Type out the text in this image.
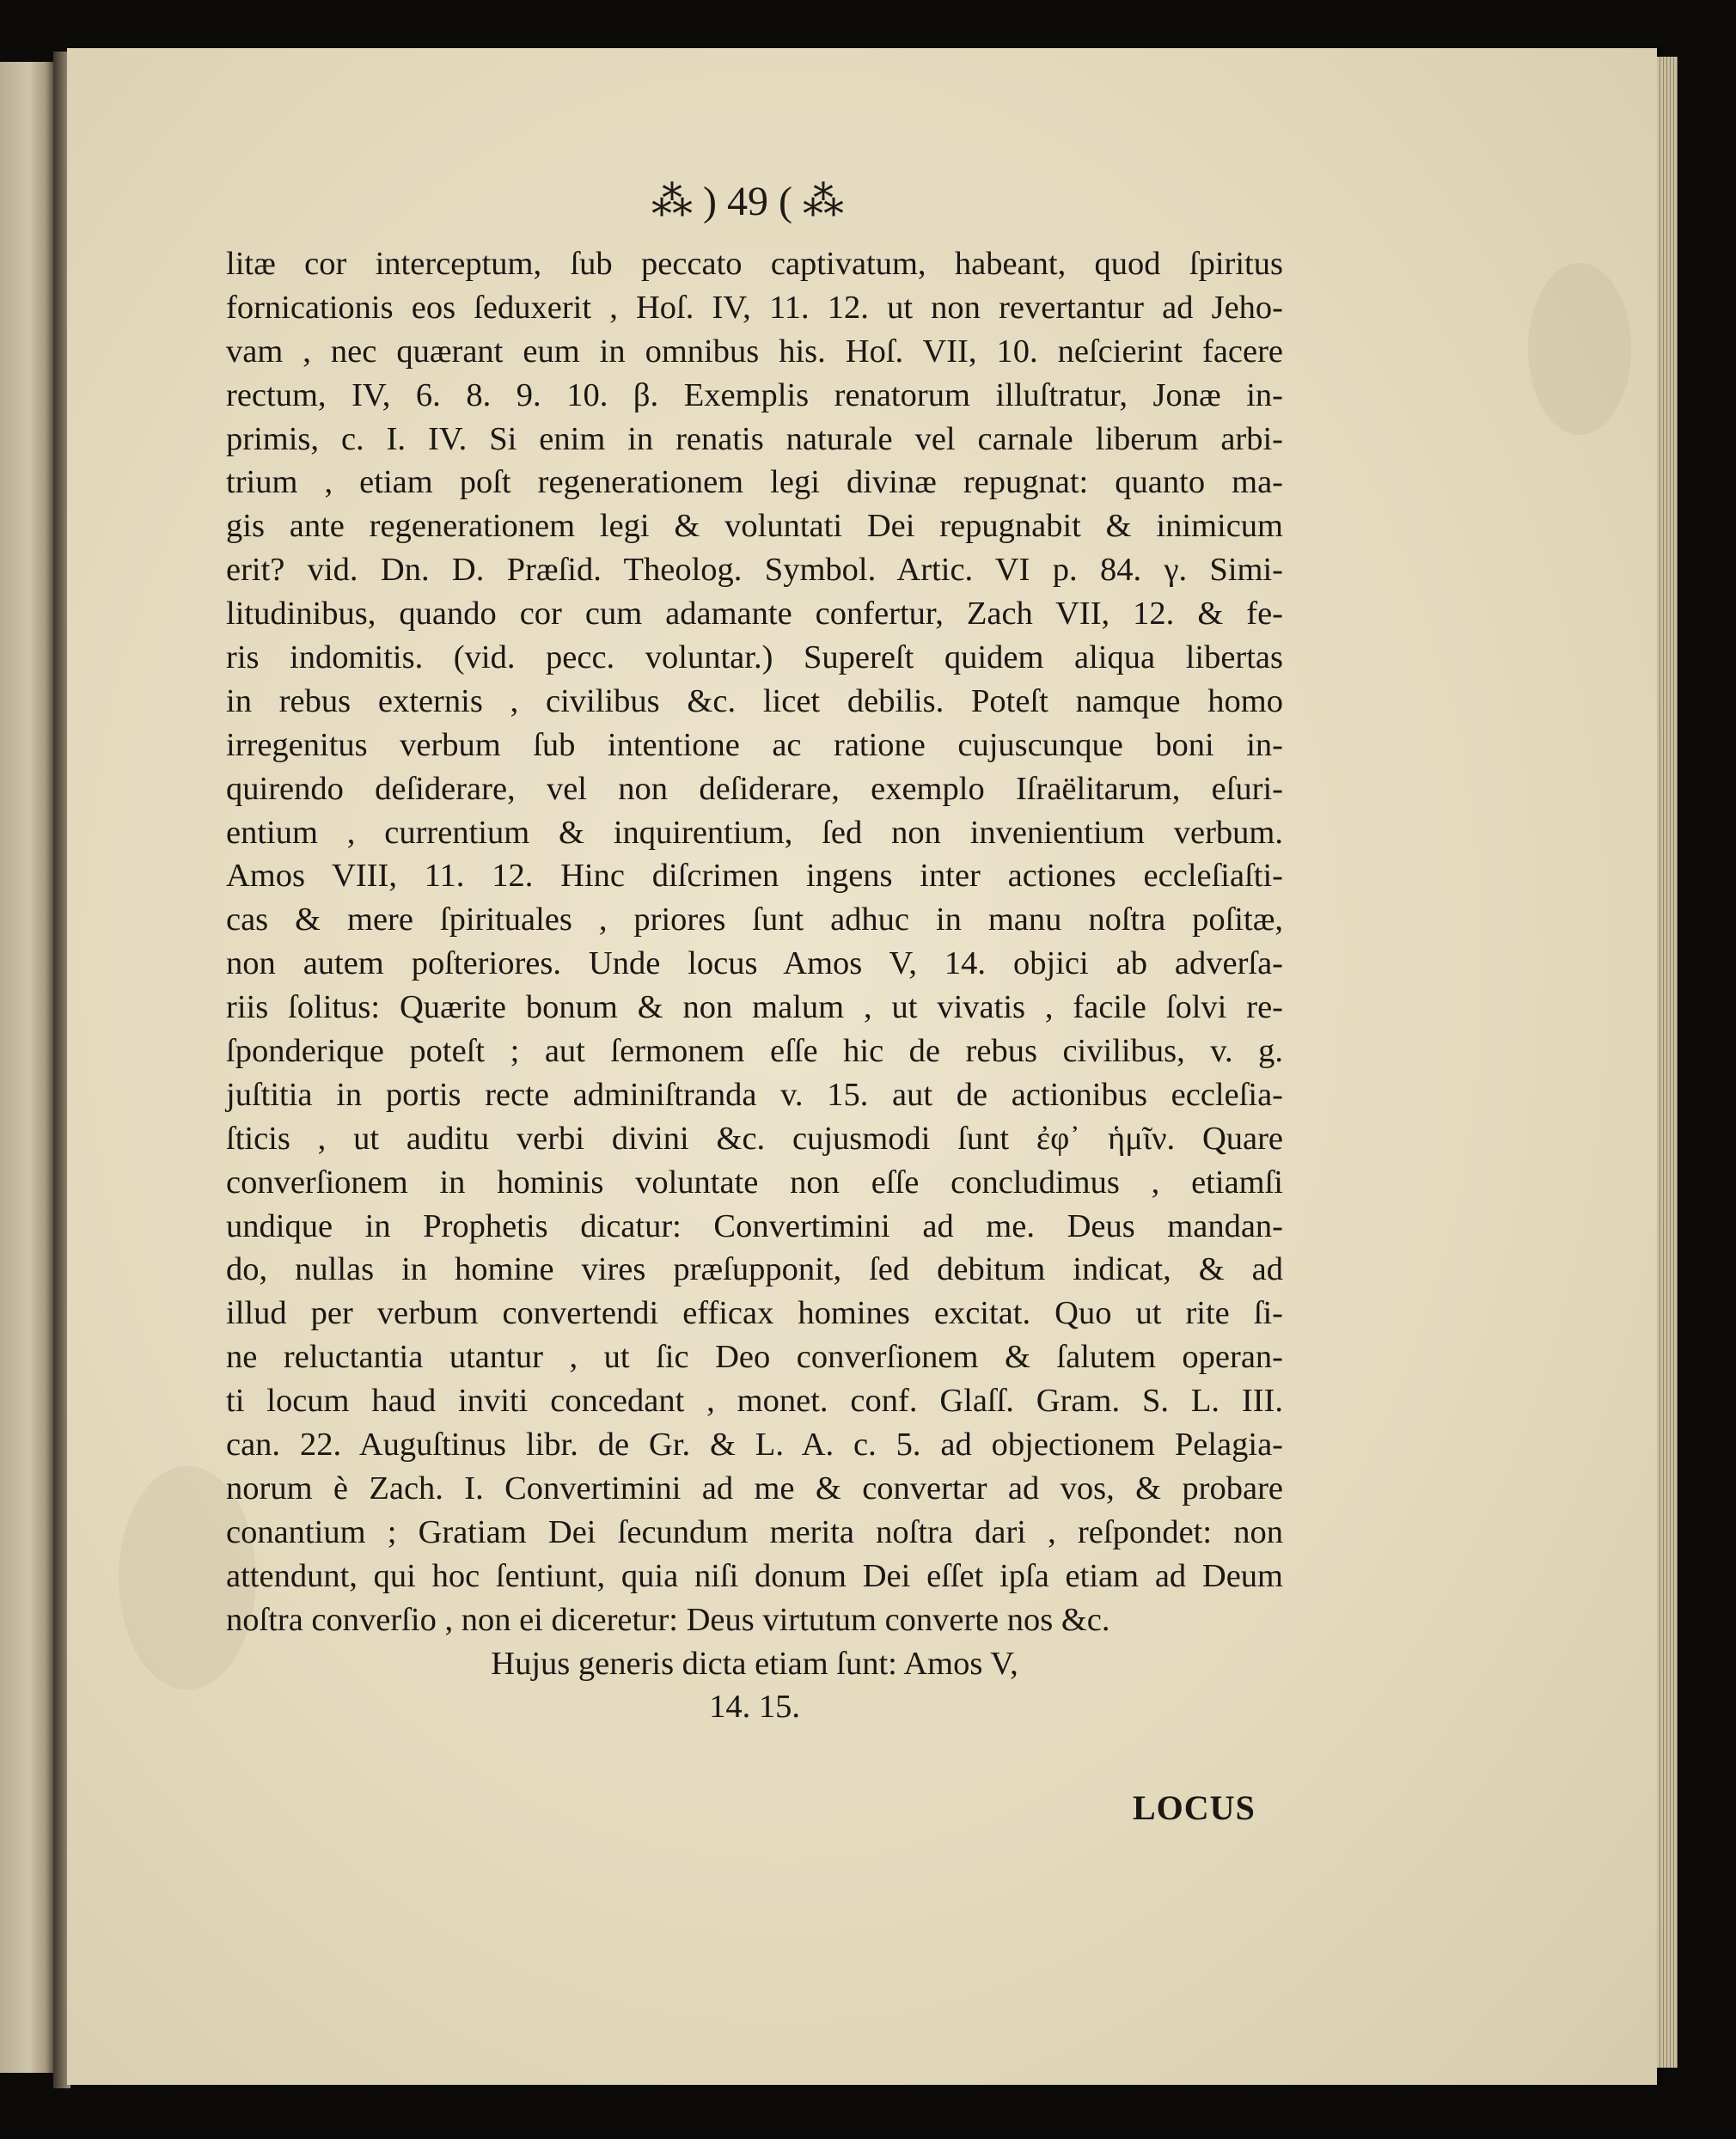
⁂ ) 49 ( ⁂
litæ cor interceptum, ſub peccato captivatum, habeant, quod ſpiritus
fornicationis eos ſeduxerit , Hoſ. IV, 11. 12. ut non revertantur ad Jeho-
vam , nec quærant eum in omnibus his. Hoſ. VII, 10. neſcierint facere
rectum, IV, 6. 8. 9. 10. β. Exemplis renatorum illuſtratur, Jonæ in-
primis, c. I. IV. Si enim in renatis naturale vel carnale liberum arbi-
trium , etiam poſt regenerationem legi divinæ repugnat: quanto ma-
gis ante regenerationem legi & voluntati Dei repugnabit & inimicum
erit? vid. Dn. D. Præſid. Theolog. Symbol. Artic. VI p. 84. γ. Simi-
litudinibus, quando cor cum adamante confertur, Zach VII, 12. & fe-
ris indomitis. (vid. pecc. voluntar.) Supereſt quidem aliqua libertas
in rebus externis , civilibus &c. licet debilis. Poteſt namque homo
irregenitus verbum ſub intentione ac ratione cujuscunque boni in-
quirendo deſiderare, vel non deſiderare, exemplo Iſraëlitarum, eſuri-
entium , currentium & inquirentium, ſed non invenientium verbum.
Amos VIII, 11. 12. Hinc diſcrimen ingens inter actiones eccleſiaſti-
cas & mere ſpirituales , priores ſunt adhuc in manu noſtra poſitæ,
non autem poſteriores. Unde locus Amos V, 14. objici ab adverſa-
riis ſolitus: Quærite bonum & non malum , ut vivatis , facile ſolvi re-
ſponderique poteſt ; aut ſermonem eſſe hic de rebus civilibus, v. g.
juſtitia in portis recte adminiſtranda v. 15. aut de actionibus eccleſia-
ſticis , ut auditu verbi divini &c. cujusmodi ſunt ἐφ᾽ ἡμῖν. Quare
converſionem in hominis voluntate non eſſe concludimus , etiamſi
undique in Prophetis dicatur: Convertimini ad me. Deus mandan-
do, nullas in homine vires præſupponit, ſed debitum indicat, & ad
illud per verbum convertendi efficax homines excitat. Quo ut rite ſi-
ne reluctantia utantur , ut ſic Deo converſionem & ſalutem operan-
ti locum haud inviti concedant , monet. conf. Glaſſ. Gram. S. L. III.
can. 22. Auguſtinus libr. de Gr. & L. A. c. 5. ad objectionem Pelagia-
norum è Zach. I. Convertimini ad me & convertar ad vos, & probare
conantium ; Gratiam Dei ſecundum merita noſtra dari , reſpondet: non
attendunt, qui hoc ſentiunt, quia niſi donum Dei eſſet ipſa etiam ad Deum
noſtra converſio , non ei diceretur: Deus virtutum converte nos &c.
Hujus generis dicta etiam ſunt: Amos V,
14. 15.
LOCUS
